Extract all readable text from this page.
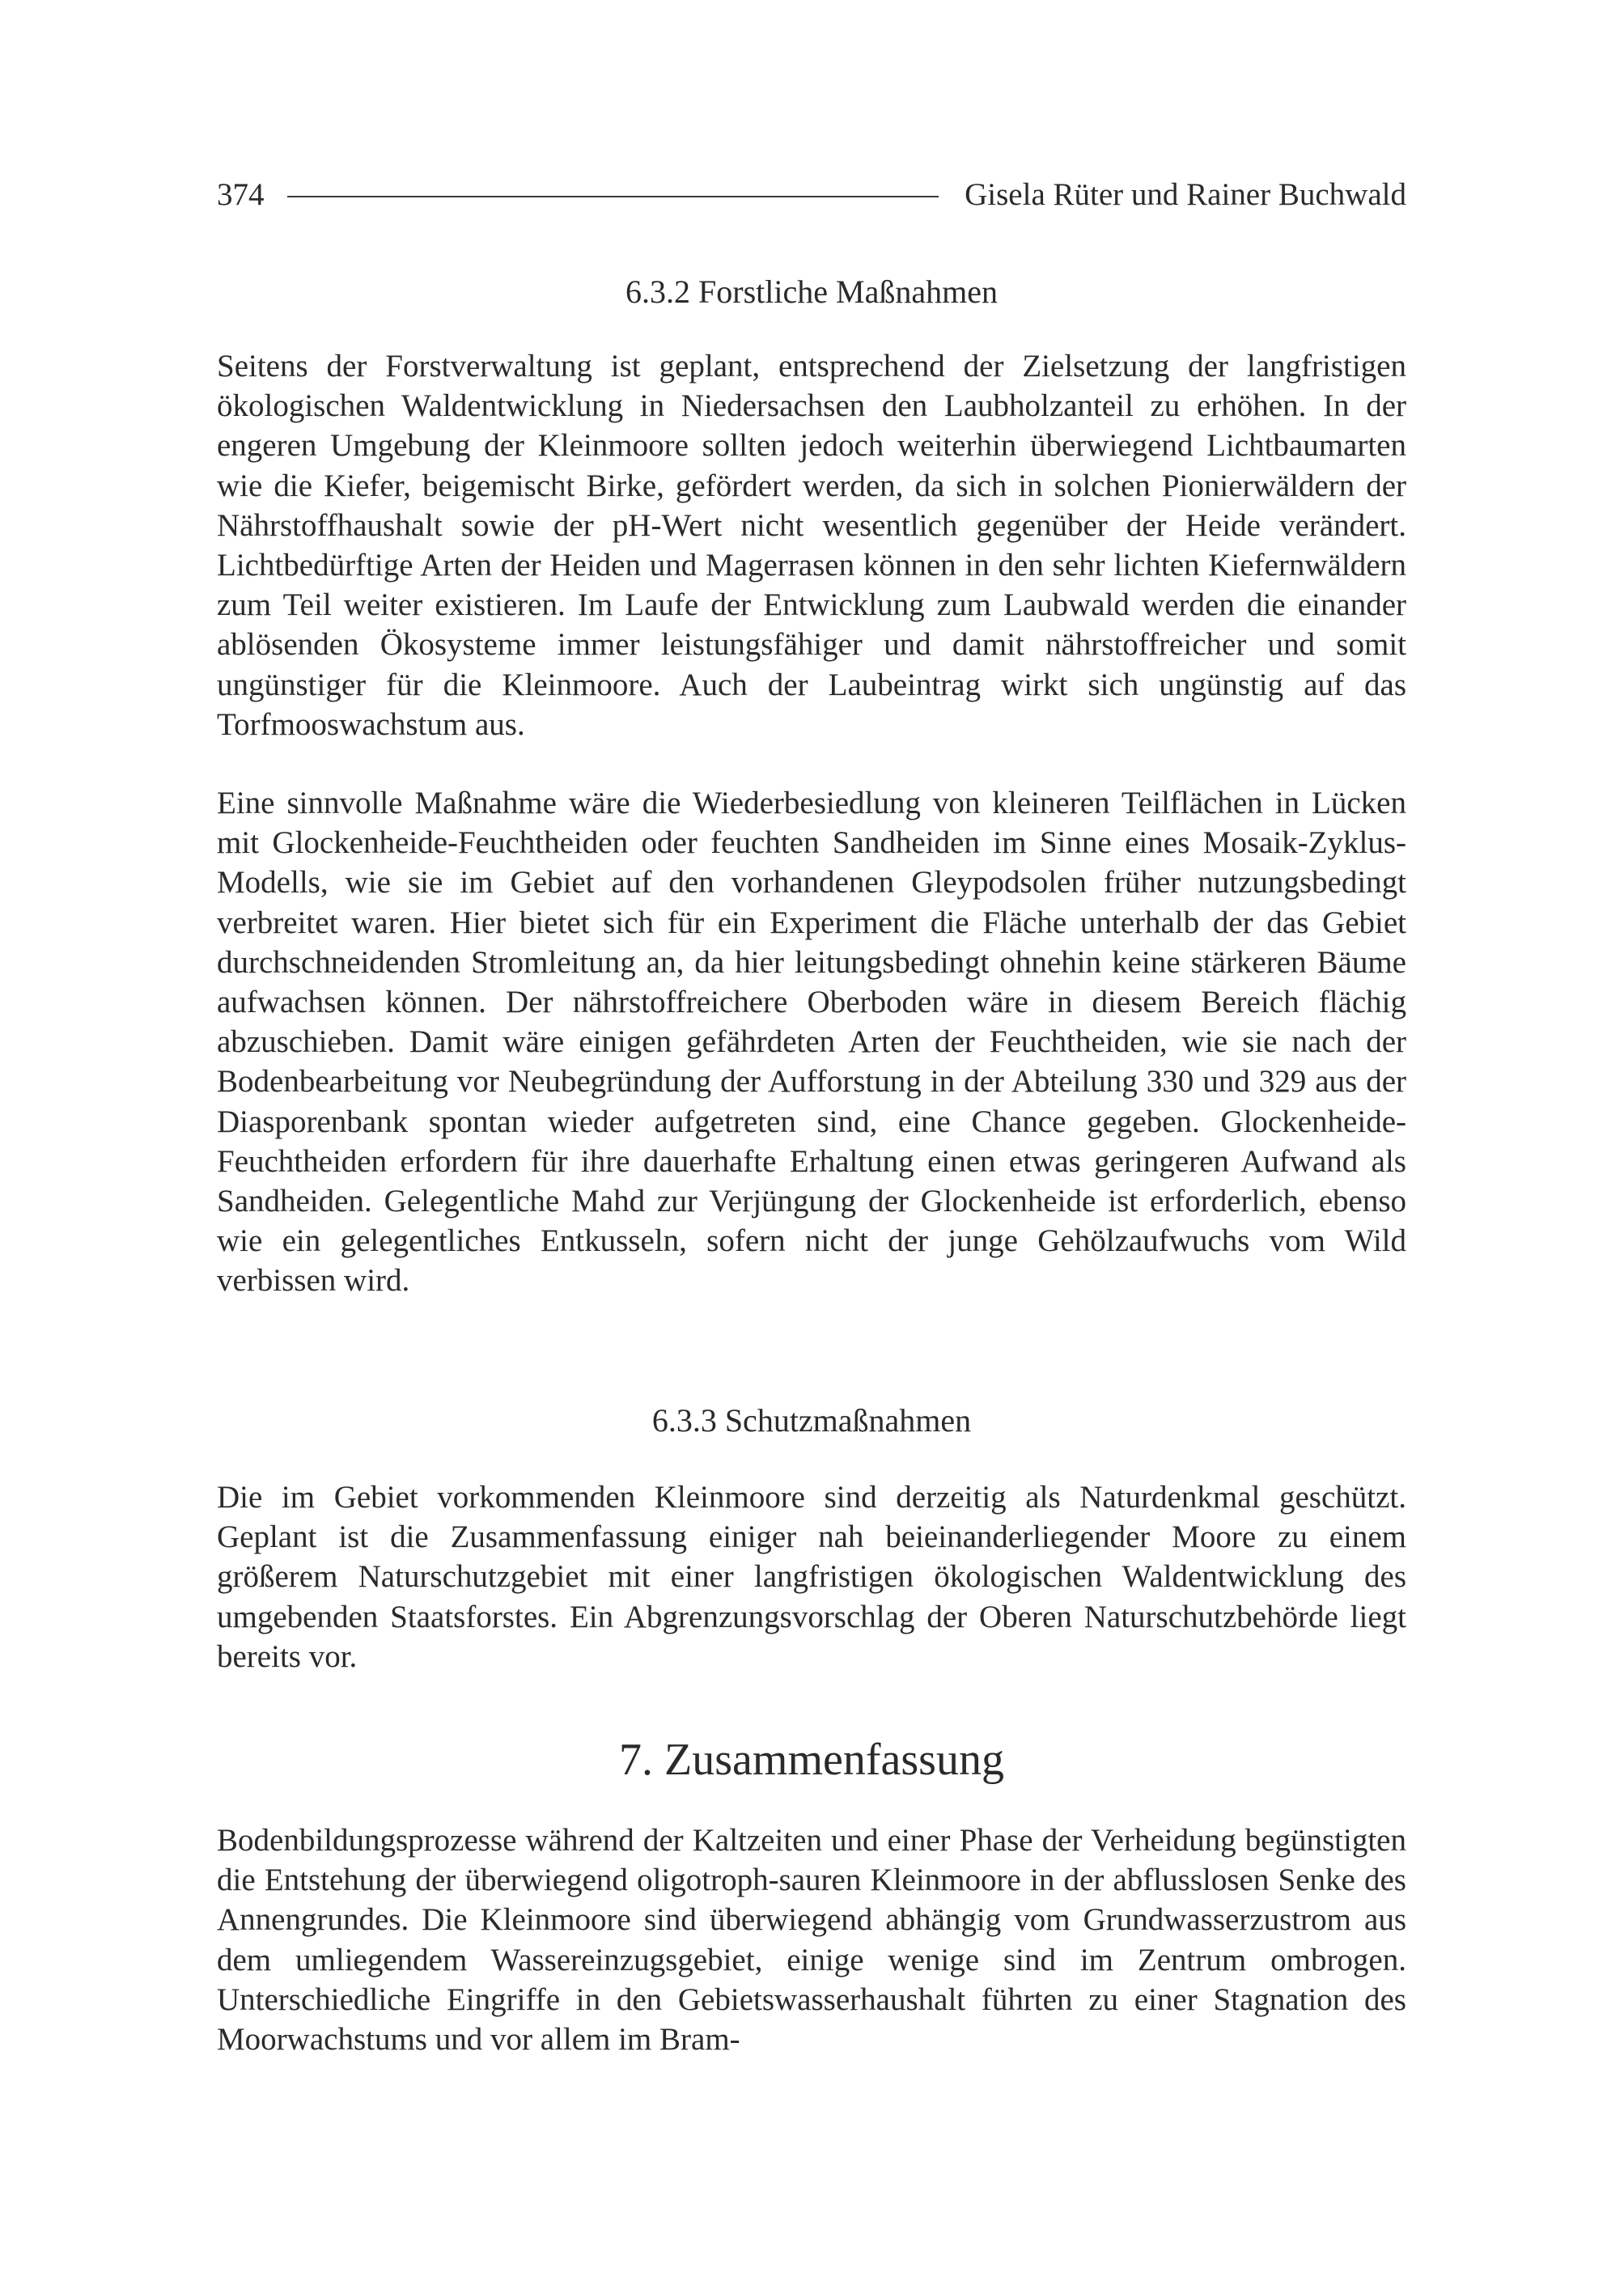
374	Gisela Rüter und Rainer Buchwald
6.3.2 Forstliche Maßnahmen

Seitens der Forstverwaltung ist geplant, entsprechend der Zielsetzung der langfristigen ökologischen Waldentwicklung in Niedersachsen den Laubholzanteil zu erhöhen. In der engeren Umgebung der Kleinmoore sollten jedoch weiterhin überwiegend Lichtbaumarten wie die Kiefer, beigemischt Birke, gefördert werden, da sich in solchen Pionierwäldern der Nährstoffhaushalt sowie der pH-Wert nicht wesentlich gegenüber der Heide verändert. Lichtbedürftige Arten der Heiden und Magerrasen können in den sehr lichten Kiefernwäldern zum Teil weiter existieren. Im Laufe der Entwicklung zum Laubwald werden die einander ablösenden Ökosysteme immer leistungsfähiger und damit nährstoffreicher und somit ungünstiger für die Kleinmoore. Auch der Laubeintrag wirkt sich ungünstig auf das Torfmooswachstum aus.

Eine sinnvolle Maßnahme wäre die Wiederbesiedlung von kleineren Teilflächen in Lücken mit Glockenheide-Feuchtheiden oder feuchten Sandheiden im Sinne eines Mosaik-Zyklus-Modells, wie sie im Gebiet auf den vorhandenen Gleypodsolen früher nutzungsbedingt verbreitet waren. Hier bietet sich für ein Experiment die Fläche unterhalb der das Gebiet durchschneidenden Stromleitung an, da hier leitungsbedingt ohnehin keine stärkeren Bäume aufwachsen können. Der nährstoffreichere Oberboden wäre in diesem Bereich flächig abzuschieben. Damit wäre einigen gefährdeten Arten der Feuchtheiden, wie sie nach der Bodenbearbeitung vor Neubegründung der Aufforstung in der Abteilung 330 und 329 aus der Diasporenbank spontan wieder aufgetreten sind, eine Chance gegeben. Glockenheide-Feuchtheiden erfordern für ihre dauerhafte Erhaltung einen etwas geringeren Aufwand als Sandheiden. Gelegentliche Mahd zur Verjüngung der Glockenheide ist erforderlich, ebenso wie ein gelegentliches Entkusseln, sofern nicht der junge Gehölzaufwuchs vom Wild verbissen wird.

6.3.3 Schutzmaßnahmen

Die im Gebiet vorkommenden Kleinmoore sind derzeitig als Naturdenkmal geschützt. Geplant ist die Zusammenfassung einiger nah beieinanderliegender Moore zu einem größerem Naturschutzgebiet mit einer langfristigen ökologischen Waldentwicklung des umgebenden Staatsforstes. Ein Abgrenzungsvorschlag der Oberen Naturschutzbehörde liegt bereits vor.

7. Zusammenfassung

Bodenbildungsprozesse während der Kaltzeiten und einer Phase der Verheidung begünstigten die Entstehung der überwiegend oligotroph-sauren Kleinmoore in der abflusslosen Senke des Annengrundes. Die Kleinmoore sind überwiegend abhängig vom Grundwasserzustrom aus dem umliegendem Wassereinzugsgebiet, einige wenige sind im Zentrum ombrogen. Unterschiedliche Eingriffe in den Gebietswasserhaushalt führten zu einer Stagnation des Moorwachstums und vor allem im Bram-
